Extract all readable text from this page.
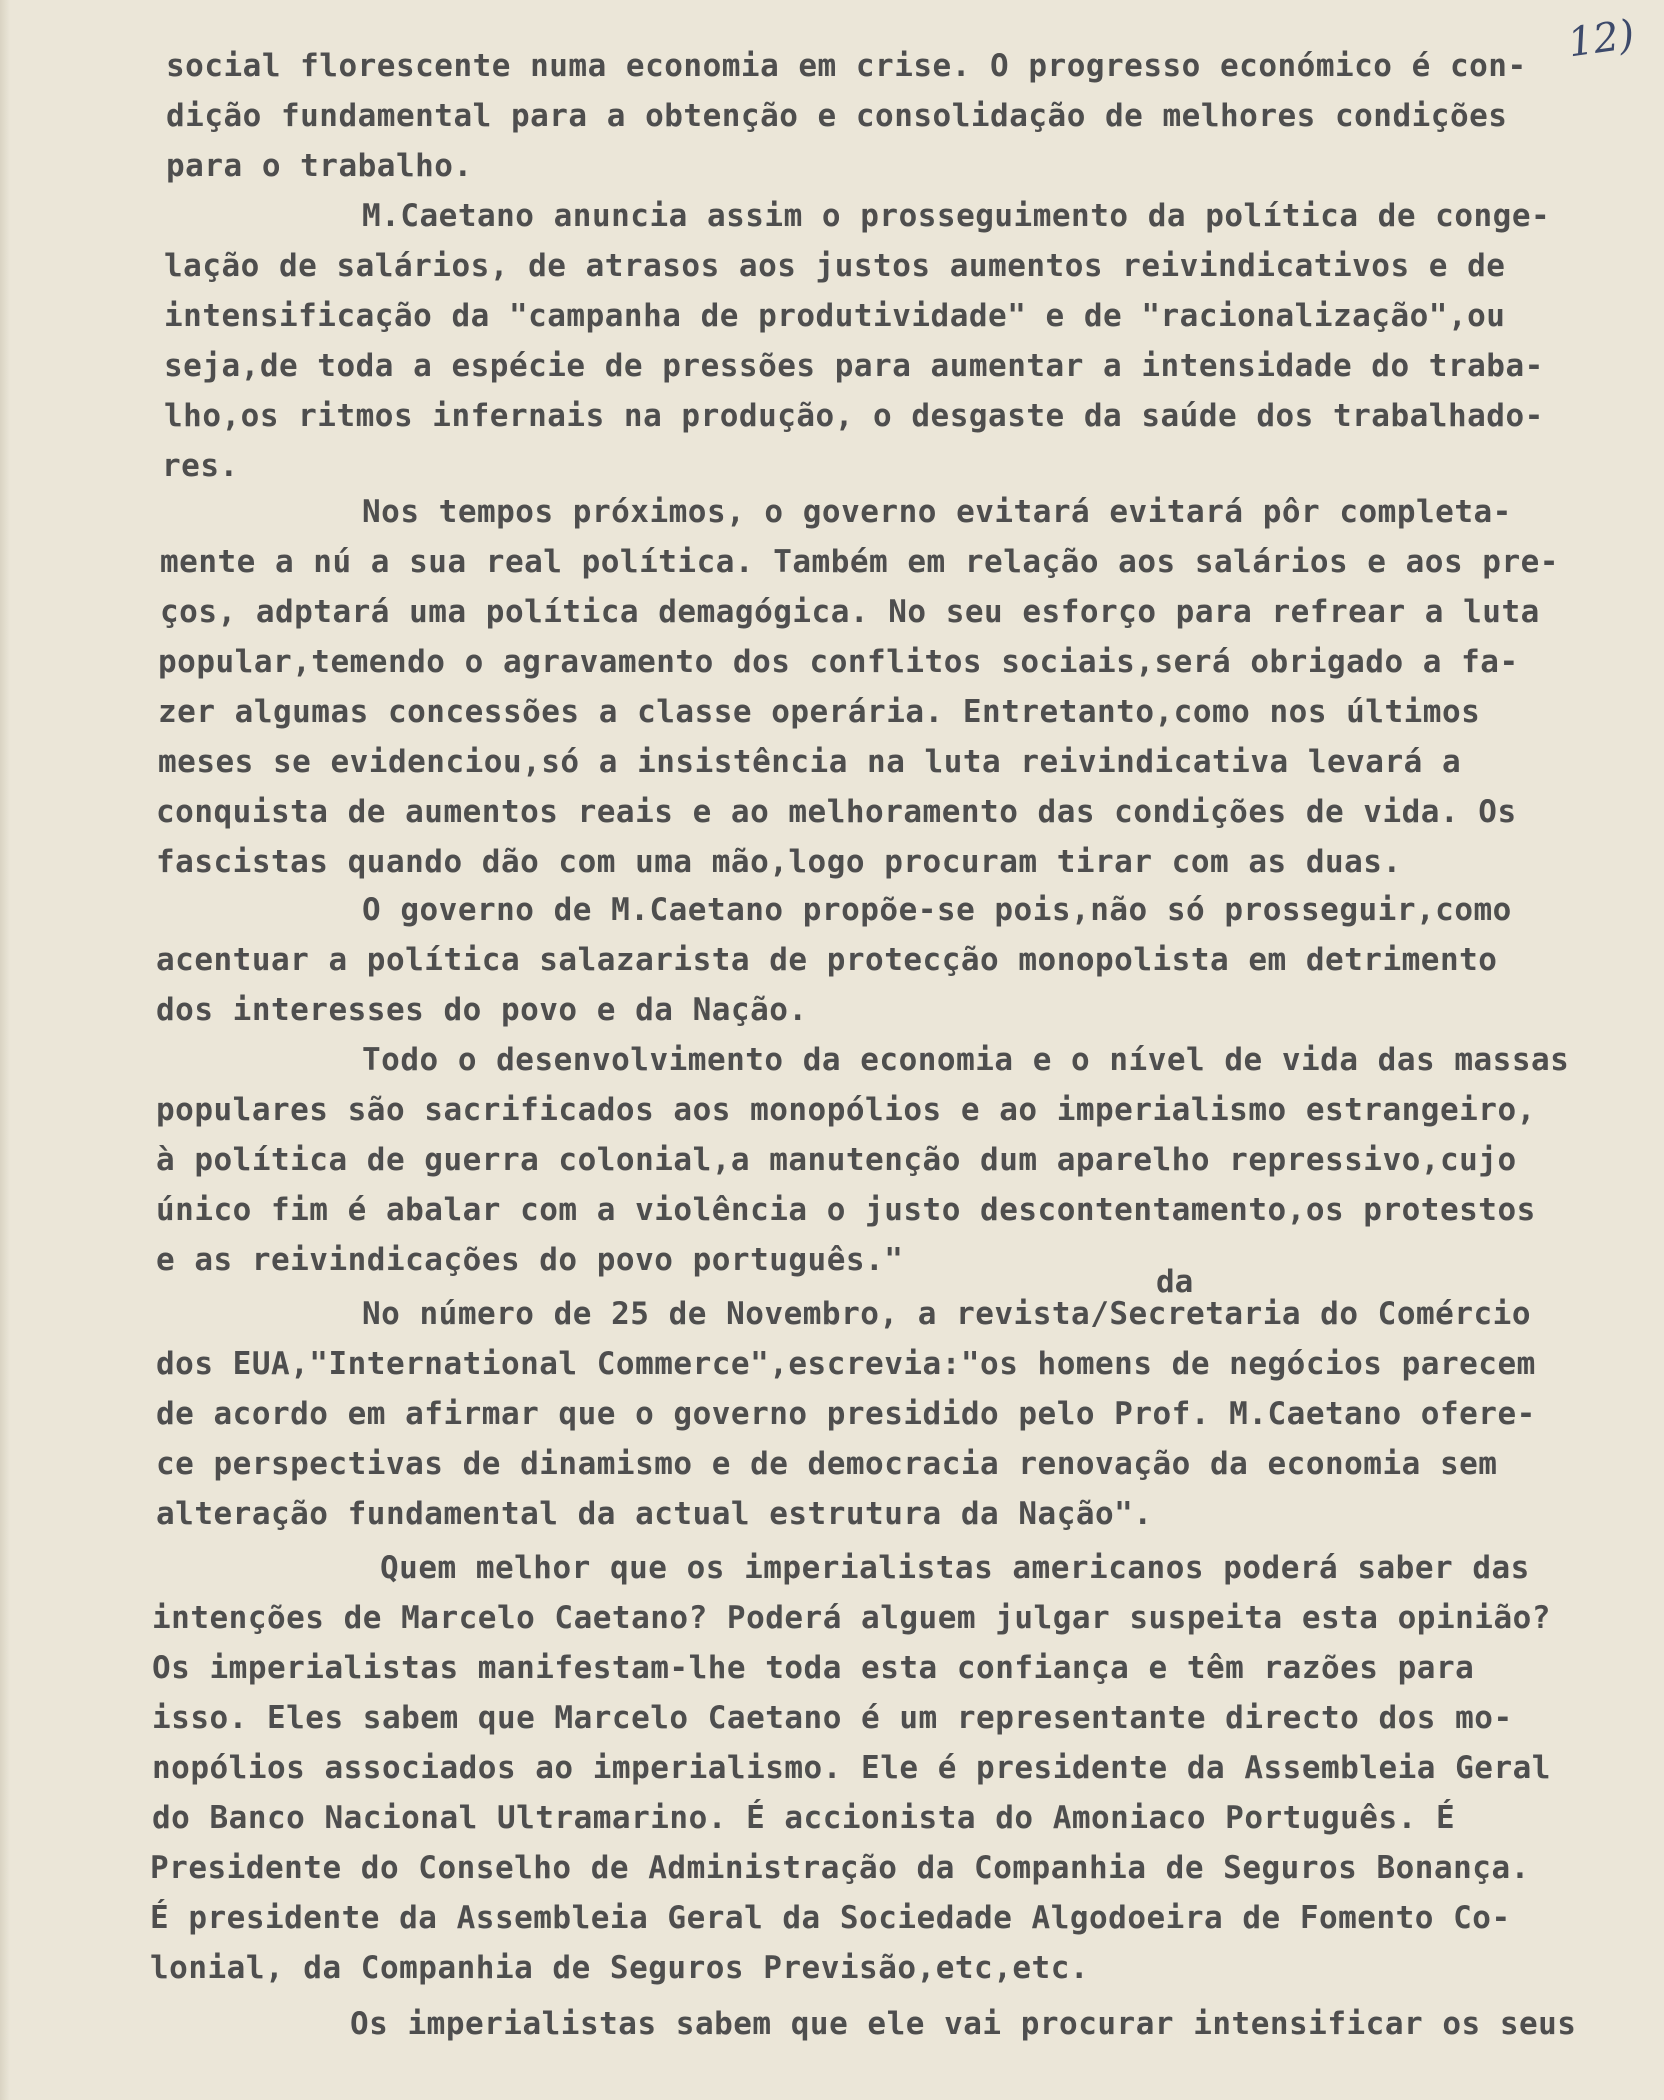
12)
social florescente numa economia em crise. O progresso económico é con-
dição fundamental para a obtenção e consolidação de melhores condições
para o trabalho.
M.Caetano anuncia assim o prosseguimento da política de conge-
lação de salários, de atrasos aos justos aumentos reivindicativos e de
intensificação da "campanha de produtividade" e de "racionalização",ou
seja,de toda a espécie de pressões para aumentar a intensidade do traba-
lho,os ritmos infernais na produção, o desgaste da saúde dos trabalhado-
res.
Nos tempos próximos, o governo evitará evitará pôr completa-
mente a nú a sua real política. Também em relação aos salários e aos pre-
ços, adptará uma política demagógica. No seu esforço para refrear a luta
popular,temendo o agravamento dos conflitos sociais,será obrigado a fa-
zer algumas concessões a classe operária. Entretanto,como nos últimos
meses se evidenciou,só a insistência na luta reivindicativa levará a
conquista de aumentos reais e ao melhoramento das condições de vida. Os
fascistas quando dão com uma mão,logo procuram tirar com as duas.
O governo de M.Caetano propõe-se pois,não só prosseguir,como
acentuar a política salazarista de protecção monopolista em detrimento
dos interesses do povo e da Nação.
Todo o desenvolvimento da economia e o nível de vida das massas
populares são sacrificados aos monopólios e ao imperialismo estrangeiro,
à política de guerra colonial,a manutenção dum aparelho repressivo,cujo
único fim é abalar com a violência o justo descontentamento,os protestos
e as reivindicações do povo português."
da
No número de 25 de Novembro, a revista/Secretaria do Comércio
dos EUA,"International Commerce",escrevia:"os homens de negócios parecem
de acordo em afirmar que o governo presidido pelo Prof. M.Caetano ofere-
ce perspectivas de dinamismo e de democracia renovação da economia sem
alteração fundamental da actual estrutura da Nação".
Quem melhor que os imperialistas americanos poderá saber das
intenções de Marcelo Caetano? Poderá alguem julgar suspeita esta opinião?
Os imperialistas manifestam-lhe toda esta confiança e têm razões para
isso. Eles sabem que Marcelo Caetano é um representante directo dos mo-
nopólios associados ao imperialismo. Ele é presidente da Assembleia Geral
do Banco Nacional Ultramarino. É accionista do Amoniaco Português. É
Presidente do Conselho de Administração da Companhia de Seguros Bonança.
É presidente da Assembleia Geral da Sociedade Algodoeira de Fomento Co-
lonial, da Companhia de Seguros Previsão,etc,etc.
Os imperialistas sabem que ele vai procurar intensificar os seus
